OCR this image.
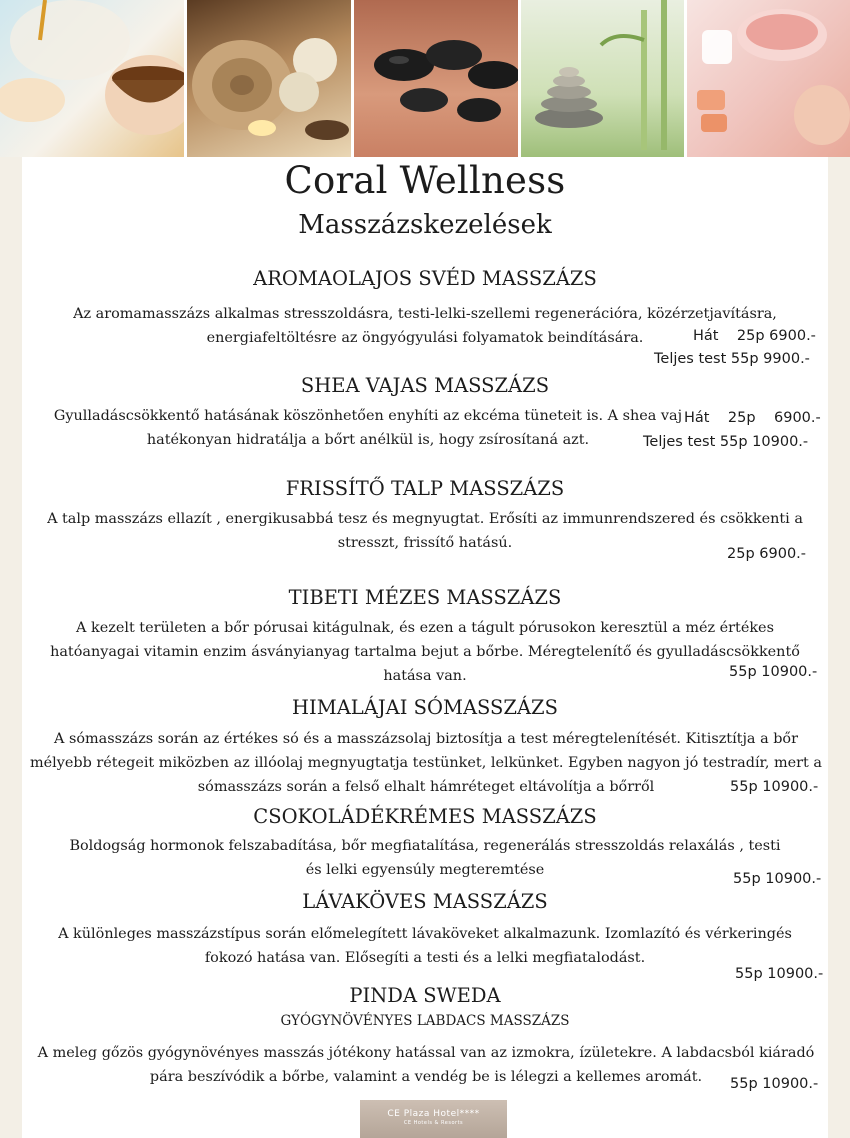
Coral Wellness
Masszázskezelések
AROMAOLAJOS SVÉD MASSZÁZS
Az aromamasszázs alkalmas stresszoldásra, testi-lelki-szellemi regenerációra, közérzetjavításra, energiafeltöltésre az öngyógyulási folyamatok beindítására.	Hát    25p 6900.-
Teljes test 55p 9900.-
SHEA VAJAS MASSZÁZS
Gyulladáscsökkentő hatásának köszönhetően enyhíti az ekcéma tüneteit is. A shea vaj hatékonyan hidratálja a bőrt anélkül is, hogy zsírosítaná azt.
Hát    25p    6900.-
Teljes test 55p 10900.-
FRISSÍTŐ TALP MASSZÁZS
A talp masszázs ellazít , energikusabbá tesz és megnyugtat. Erősíti az immunrendszered és csökkenti a stresszt, frissítő hatású.
25p 6900.-
TIBETI MÉZES MASSZÁZS
A kezelt területen a bőr pórusai kitágulnak, és ezen a tágult pórusokon keresztül a méz értékes hatóanyagai vitamin enzim ásványianyag tartalma bejut a bőrbe. Méregtelenítő és gyulladáscsökkentő hatása van.	55p 10900.-
HIMALÁJAI SÓMASSZÁZS
A sómasszázs során az értékes só és a masszázsolaj biztosítja a test méregtelenítését. Kitisztítja a bőr mélyebb rétegeit miközben az illóolaj megnyugtatja testünket, lelkünket. Egyben nagyon jó testradír, mert a sómasszázs során a felső elhalt hámréteget eltávolítja a bőrről	55p 10900.-
CSOKOLÁDÉKRÉMES MASSZÁZS
Boldogság hormonok felszabadítása, bőr megfiatalítása, regenerálás stresszoldás relaxálás , testi és lelki egyensúly megteremtése
55p 10900.-
LÁVAKÖVES MASSZÁZS
A különleges masszázstípus során előmelegített lávaköveket alkalmazunk. Izomlazító és vérkeringés fokozó hatása van. Elősegíti a testi és a lelki megfiatalodást.
55p 10900.-
PINDA SWEDA
GYÓGYNÖVÉNYES LABDACS MASSZÁZS
A meleg gőzös gyógynövényes masszás jótékony hatással van az izmokra, ízületekre. A labdacsból kiáradó pára beszívódik a bőrbe, valamint a vendég be is lélegzi a kellemes aromát.	55p 10900.-
CE Plaza Hotel****
CE Hotels & Resorts
